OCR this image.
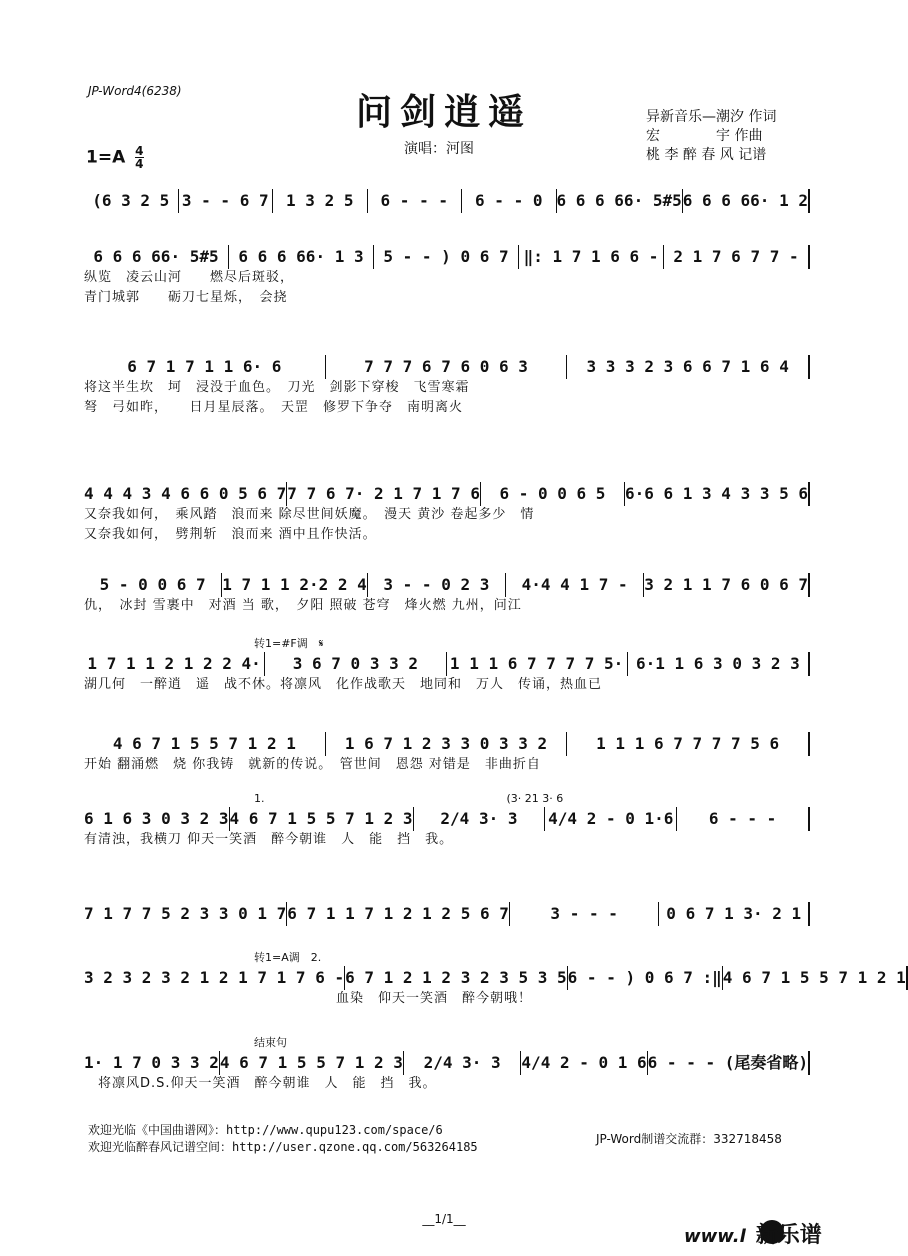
JP-Word4(6238)	问剑逍遥
$1=A \frac{4}{4}$	演唱：河图
异新音乐—潮汐 作词
宏　　　　宇 作曲
桃 李 醉 春 风 记谱
(6 3 2 5 3 - - 6 7	1 3 2 5	6 - - -	6 - - 0 6 6 6 66· 5#5 6 6 6 66· 1 2
6 6 6 66· 5#5	6 6 6 66· 1 3	5 - - ) 0 6 7 ‖: 1 7 1 6 6 - 2 1 7 6 7 7 -
纵览　凌云山河　　燃尽后斑驳，
青门城郭　　砺刀七星烁，　会挠
6 7 1 7 1 1 6· 6	7 7 7 6 7 6 0 6 3	3 3 3 2 3 6 6 7 1 6 4
将这半生坎　坷　浸没于血色。　刀光　剑影下穿梭　飞雪寒霜
弩　弓如昨，　　日月星辰落。　天罡　修罗下争夺　南明离火
4 4 4 3 4 6 6 0 5 6 7 7 7 6 7· 2 1 7 1 7 6	6 - 0 0 6 5	6·6 6 1 3 4 3 3 5 6
又奈我如何，　乘风踏　浪而来 除尽世间妖魔。　漫天 黄沙 卷起多少　情
又奈我如何，　劈荆斩　浪而来 酒中且作快活。
5 - 0 0 6 7	1 7 1 1 2·2 2 4	3 - - 0 2 3	4·4 4 1 7 -	3 2 1 1 7 6 0 6 7
仇，　冰封 雪裹中　对酒 当 歌，　夕阳 照破 苍穹　烽火燃 九州，问江
转1=#F调　𝄋
1 7 1 1 2 1 2 2 4·	3 6 7 0 3 3 2	1 1 1 6 7 7 7 7 5· 6·1 1 6 3 0 3 2 3
湖几何　一醉逍　遥　战不休。将凛风　化作战歌天　地同和　万人　传诵，热血已
4 6 7 1 5 5 7 1 2 1	1 6 7 1 2 3 3 0 3 3 2	1 1 1 6 7 7 7 7 5 6
开始 翻涌燃　烧 你我铸　就新的传说。　管世间　恩怨 对错是　非曲折自
1.　　　　　　　　　　　　　　　　　　　　　　(3· 21 3· 6
6 1 6 3 0 3 2 3 4 6 7 1 5 5 7 1 2 3	2/4 3· 3	4/4 2 - 0 1·6	6 - - -
有清浊，我横刀 仰天一笑酒　醉今朝谁　人　能　挡　我。
7 1 7 7 5 2 3 3 0 1 7 6 7 1 1 7 1 2 1 2 5 6 7	3 - - -	0 6 7 1 3· 2 1
转1=A调　2.
3 2 3 2 3 2 1 2 1 7 1 7 6 - 6 7 1 2 1 2 3 2 3 5 3 5 6 - - ) 0 6 7 :‖ 4 6 7 1 5 5 7 1 2 1
　　　　　　　　　　　　　　　　　　血染　仰天一笑酒　醉今朝哦！
结束句
1· 1 7 0 3 3 2 4 6 7 1 5 5 7 1 2 3	2/4 3· 3	4/4 2 - 0 1 6 6 - - - (尾奏省略)
　将凛风D.S.仰天一笑酒　醉今朝谁　人　能　挡　我。
欢迎光临《中国曲谱网》：http://www.qupu123.com/space/6
欢迎光临醉春风记谱空间：http://user.qzone.qq.com/563264185
JP-Word制谱交流群：332718458
__1/1__
www.l 新乐谱
